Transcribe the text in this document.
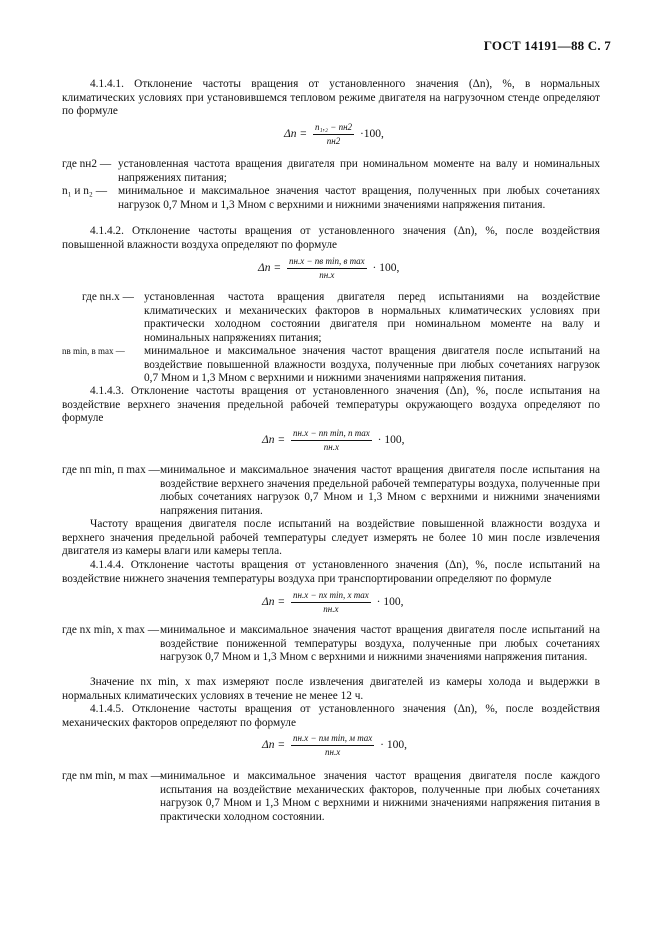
ГОСТ 14191—88 С. 7
4.1.4.1. Отклонение частоты вращения от установленного значения (Δn), %, в нормальных климатических условиях при установившемся тепловом режиме двигателя на нагрузочном стенде определяют по формуле
$\Delta n = \frac{\text{n₁,₂ − nн2}}{nн2} \cdot 100$,
где nн2 — установленная частота вращения двигателя при номинальном моменте на валу и номинальных напряжениях питания;
n₁ и n₂ — минимальное и максимальное значения частот вращения, полученных при любых сочетаниях нагрузок 0,7 Mном и 1,3 Mном с верхними и нижними значениями напряжения питания.
4.1.4.2. Отклонение частоты вращения от установленного значения (Δn), %, после воздействия повышенной влажности воздуха определяют по формуле
$\Delta n = \frac{\text{nн.х − nв min, в max}}{nн.х} \cdot 100$,
где nн.х — установленная частота вращения двигателя перед испытаниями на воздействие климатических и механических факторов в нормальных климатических условиях при практически холодном состоянии двигателя при номинальном моменте на валу и номинальных напряжениях питания;
nв min, в max —	минимальное и максимальное значения частот вращения двигателя после испытаний на воздействие повышенной влажности воздуха, полученные при любых сочетаниях нагрузок 0,7 Mном и 1,3 Mном с верхними и нижними значениями напряжения питания.
4.1.4.3. Отклонение частоты вращения от установленного значения (Δn), %, после испытания на воздействие верхнего значения предельной рабочей температуры окружающего воздуха определяют по формуле
$\Delta n = \frac{\text{nн.х − nп min, п max}}{nн.х} \cdot 100$,
где nп min, п max — минимальное и максимальное значения частот вращения двигателя после испытания на воздействие верхнего значения предельной рабочей температуры воздуха, полученные при любых сочетаниях нагрузок 0,7 Mном и 1,3 Mном с верхними и нижними значениями напряжения питания.
Частоту вращения двигателя после испытаний на воздействие повышенной влажности воздуха и верхнего значения предельной рабочей температуры следует измерять не более 10 мин после извлечения двигателя из камеры влаги или камеры тепла.
4.1.4.4. Отклонение частоты вращения от установленного значения (Δn), %, после испытаний на воздействие нижнего значения температуры воздуха при транспортировании определяют по формуле
$\Delta n = \frac{\text{nн.х − nх min, х max}}{nн.х} \cdot 100$,
где nх min, х max — минимальное и максимальное значения частот вращения двигателя после испытаний на воздействие пониженной температуры воздуха, полученные при любых сочетаниях нагрузок 0,7 Mном и 1,3 Mном с верхними и нижними значениями напряжения питания.
Значение nх min, х max измеряют после извлечения двигателей из камеры холода и выдержки в нормальных климатических условиях в течение не менее 12 ч.
4.1.4.5. Отклонение частоты вращения от установленного значения (Δn), %, после воздействия механических факторов определяют по формуле
$\Delta n = \frac{\text{nн.х − nм min, м max}}{nн.х} \cdot 100$,
где nм min, м max —
минимальное и максимальное значения частот вращения двигателя после каждого испытания на воздействие механических факторов, полученные при любых сочетаниях нагрузок 0,7 Mном и 1,3 Mном с верхними и нижними значениями напряжения питания в практически холодном состоянии.
